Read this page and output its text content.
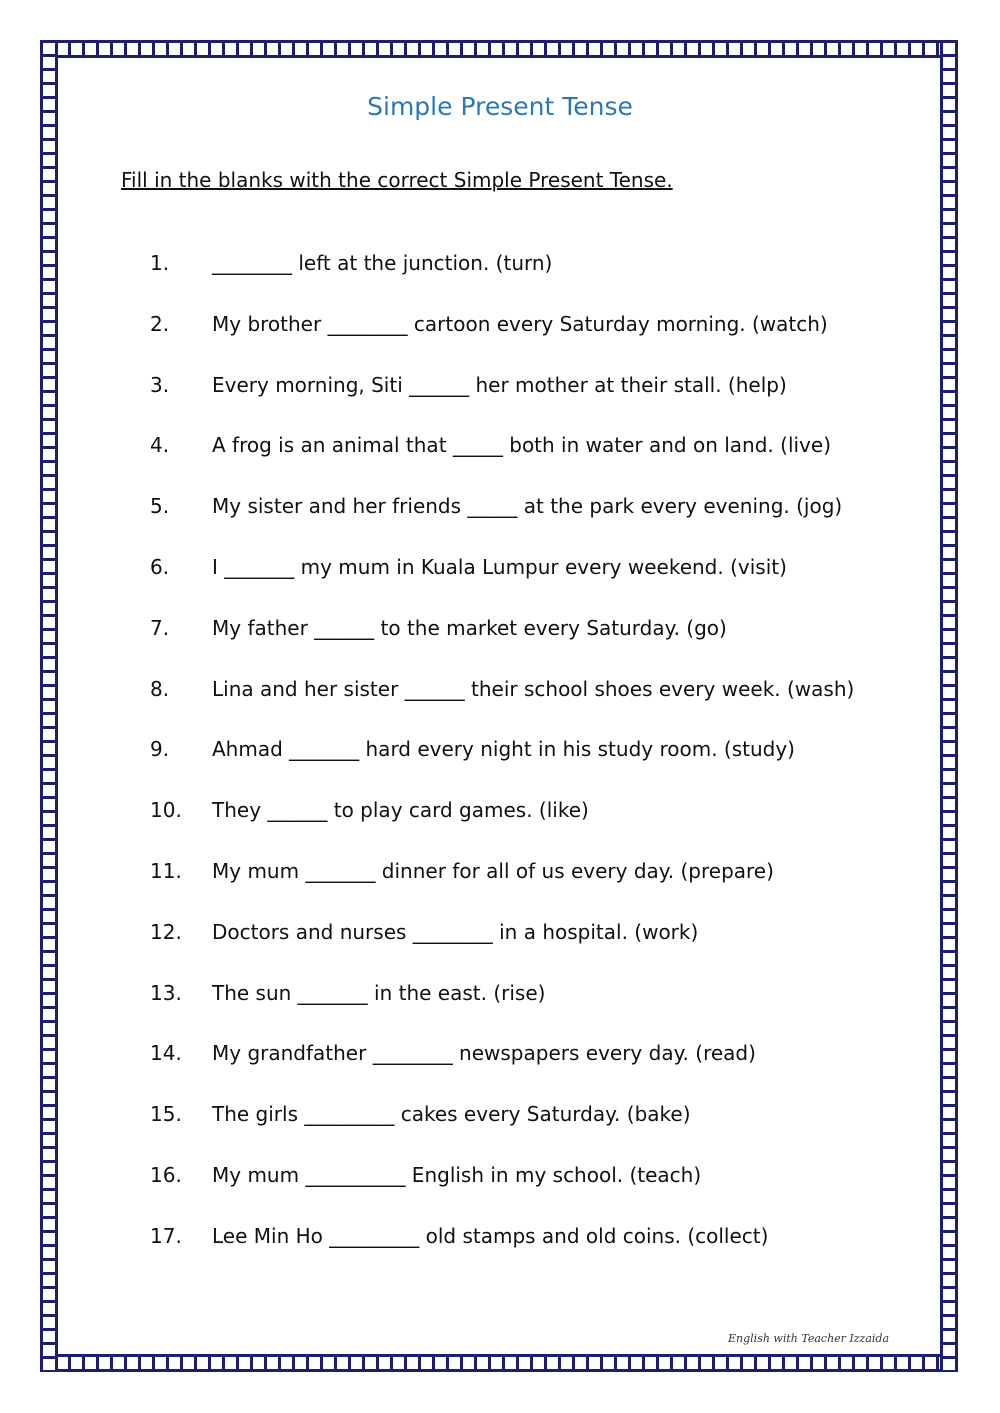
Simple Present Tense
Fill in the blanks with the correct Simple Present Tense.
1.	________ left at the junction. (turn)
2.	My brother ________ cartoon every Saturday morning. (watch)
3.	Every morning, Siti ______ her mother at their stall. (help)
4.	A frog is an animal that _____ both in water and on land. (live)
5.	My sister and her friends _____ at the park every evening. (jog)
6.	I _______ my mum in Kuala Lumpur every weekend. (visit)
7.	My father ______ to the market every Saturday. (go)
8.	Lina and her sister ______ their school shoes every week. (wash)
9.	Ahmad _______ hard every night in his study room. (study)
10.	They ______ to play card games. (like)
11.	My mum _______ dinner for all of us every day. (prepare)
12.	Doctors and nurses ________ in a hospital. (work)
13.	The sun _______ in the east. (rise)
14.	My grandfather ________ newspapers every day. (read)
15.	The girls _________ cakes every Saturday. (bake)
16.	My mum __________ English in my school. (teach)
17.	Lee Min Ho _________ old stamps and old coins. (collect)
English with Teacher Izzaida
